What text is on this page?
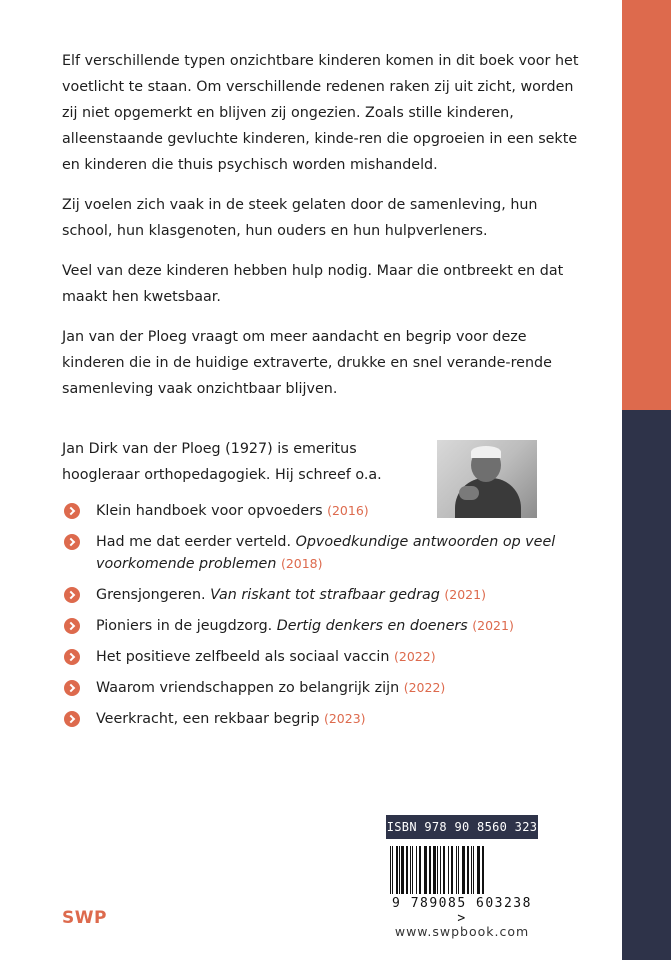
Elf verschillende typen onzichtbare kinderen komen in dit boek voor het voetlicht te staan. Om verschillende redenen raken zij uit zicht, worden zij niet opgemerkt en blijven zij ongezien. Zoals stille kinderen, alleenstaande gevluchte kinderen, kinde-ren die opgroeien in een sekte en kinderen die thuis psychisch worden mishandeld.

Zij voelen zich vaak in de steek gelaten door de samenleving, hun school, hun klasgenoten, hun ouders en hun hulpverleners.

Veel van deze kinderen hebben hulp nodig. Maar die ontbreekt en dat maakt hen kwetsbaar.

Jan van der Ploeg vraagt om meer aandacht en begrip voor deze kinderen die in de huidige extraverte, drukke en snel verande-rende samenleving vaak onzichtbaar blijven.

Jan Dirk van der Ploeg (1927) is emeritus hoogleraar orthopedagogiek. Hij schreef o.a.
Klein handboek voor opvoeders (2016)
Had me dat eerder verteld. Opvoedkundige antwoorden op veel voorkomende problemen (2018)
Grensjongeren. Van riskant tot strafbaar gedrag (2021)
Pioniers in de jeugdzorg. Dertig denkers en doeners (2021)
Het positieve zelfbeeld als sociaal vaccin (2022)
Waarom vriendschappen zo belangrijk zijn (2022)
Veerkracht, een rekbaar begrip (2023)
ISBN 978 90 8560 323
9 789085 603238 >
www.swpbook.com
SWP
